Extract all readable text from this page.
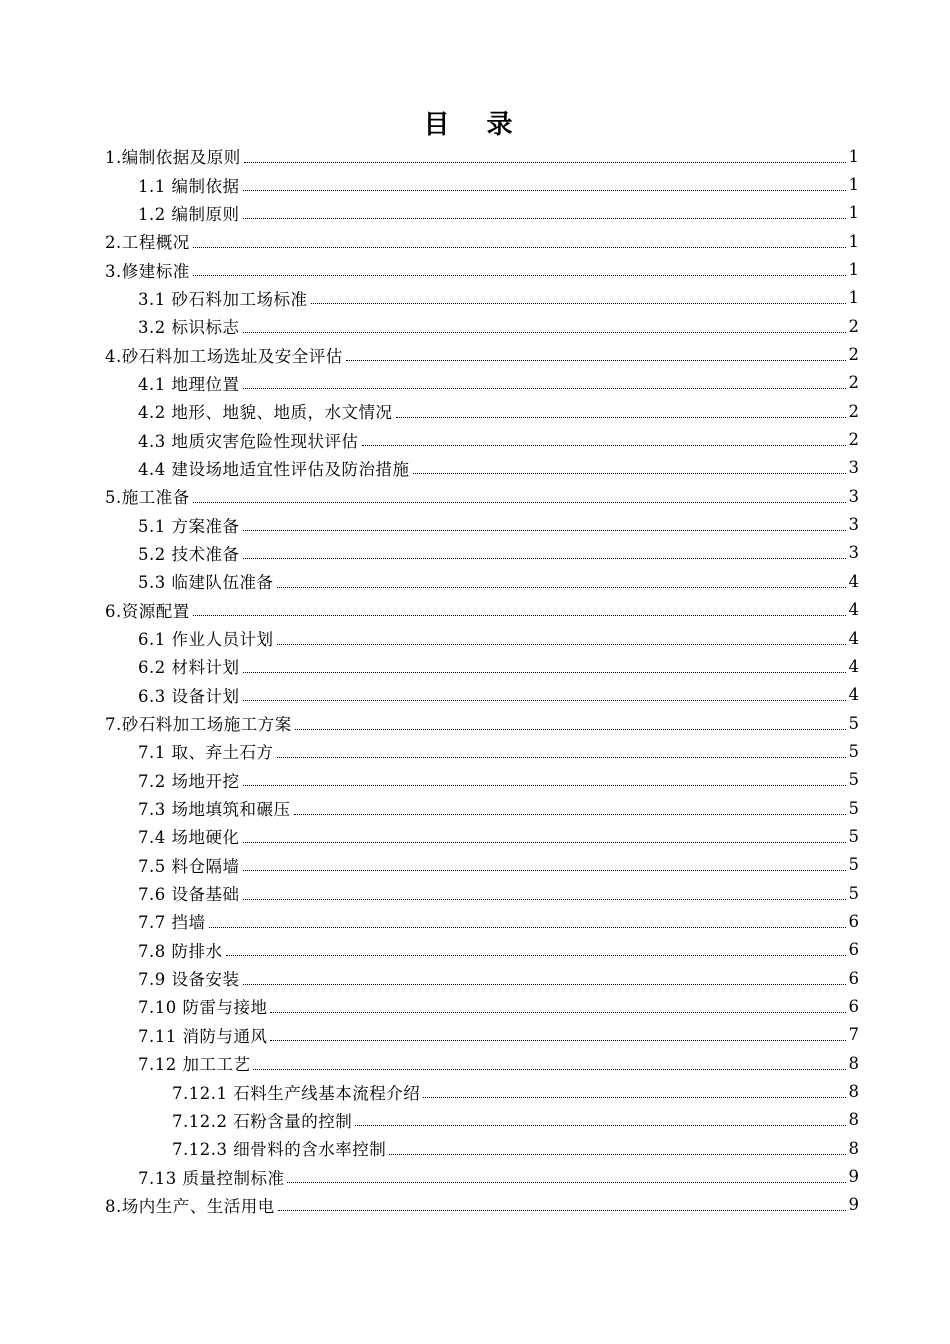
目 录
1.编制依据及原则	1
1.1 编制依据	1
1.2 编制原则	1
2.工程概况	1
3.修建标准	1
3.1 砂石料加工场标准	1
3.2 标识标志	2
4.砂石料加工场选址及安全评估	2
4.1 地理位置	2
4.2 地形、地貌、地质，水文情况	2
4.3 地质灾害危险性现状评估	2
4.4 建设场地适宜性评估及防治措施	3
5.施工准备	3
5.1 方案准备	3
5.2 技术准备	3
5.3 临建队伍准备	4
6.资源配置	4
6.1 作业人员计划	4
6.2 材料计划	4
6.3 设备计划	4
7.砂石料加工场施工方案	5
7.1 取、弃土石方	5
7.2 场地开挖	5
7.3 场地填筑和碾压	5
7.4 场地硬化	5
7.5 料仓隔墙	5
7.6 设备基础	5
7.7 挡墙	6
7.8 防排水	6
7.9 设备安装	6
7.10 防雷与接地	6
7.11 消防与通风	7
7.12 加工工艺	8
7.12.1 石料生产线基本流程介绍	8
7.12.2 石粉含量的控制	8
7.12.3 细骨料的含水率控制	8
7.13 质量控制标准	9
8.场内生产、生活用电	9
